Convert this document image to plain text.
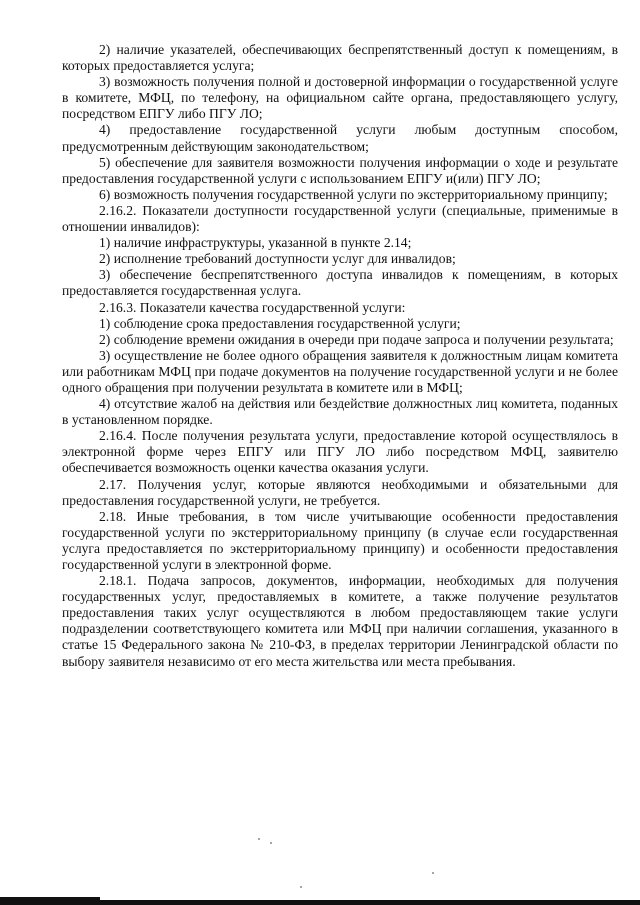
2) наличие указателей, обеспечивающих беспрепятственный доступ к помещениям, в которых предоставляется услуга;

3) возможность получения полной и достоверной информации о государственной услуге в комитете, МФЦ, по телефону, на официальном сайте органа, предоставляющего услугу, посредством ЕПГУ либо ПГУ ЛО;

4) предоставление государственной услуги любым доступным способом, предусмотренным действующим законодательством;

5) обеспечение для заявителя возможности получения информации о ходе и результате предоставления государственной услуги с использованием ЕПГУ и(или) ПГУ ЛО;

6) возможность получения государственной услуги по экстерриториальному принципу;

2.16.2. Показатели доступности государственной услуги (специальные, применимые в отношении инвалидов):

1) наличие инфраструктуры, указанной в пункте 2.14;

2) исполнение требований доступности услуг для инвалидов;

3) обеспечение беспрепятственного доступа инвалидов к помещениям, в которых предоставляется государственная услуга.

2.16.3. Показатели качества государственной услуги:

1) соблюдение срока предоставления государственной услуги;

2) соблюдение времени ожидания в очереди при подаче запроса и получении результата;

3) осуществление не более одного обращения заявителя к должностным лицам комитета или работникам МФЦ при подаче документов на получение государственной услуги и не более одного обращения при получении результата в комитете или в МФЦ;

4) отсутствие жалоб на действия или бездействие должностных лиц комитета, поданных в установленном порядке.

2.16.4. После получения результата услуги, предоставление которой осуществлялось в электронной форме через ЕПГУ или ПГУ ЛО либо посредством МФЦ, заявителю обеспечивается возможность оценки качества оказания услуги.

2.17. Получения услуг, которые являются необходимыми и обязательными для предоставления государственной услуги, не требуется.

2.18. Иные требования, в том числе учитывающие особенности предоставления государственной услуги по экстерриториальному принципу (в случае если государственная услуга предоставляется по экстерриториальному принципу) и особенности предоставления государственной услуги в электронной форме.

2.18.1. Подача запросов, документов, информации, необходимых для получения государственных услуг, предоставляемых в комитете, а также получение результатов предоставления таких услуг осуществляются в любом предоставляющем такие услуги подразделении соответствующего комитета или МФЦ при наличии соглашения, указанного в статье 15 Федерального закона № 210-ФЗ, в пределах территории Ленинградской области по выбору заявителя независимо от его места жительства или места пребывания.
